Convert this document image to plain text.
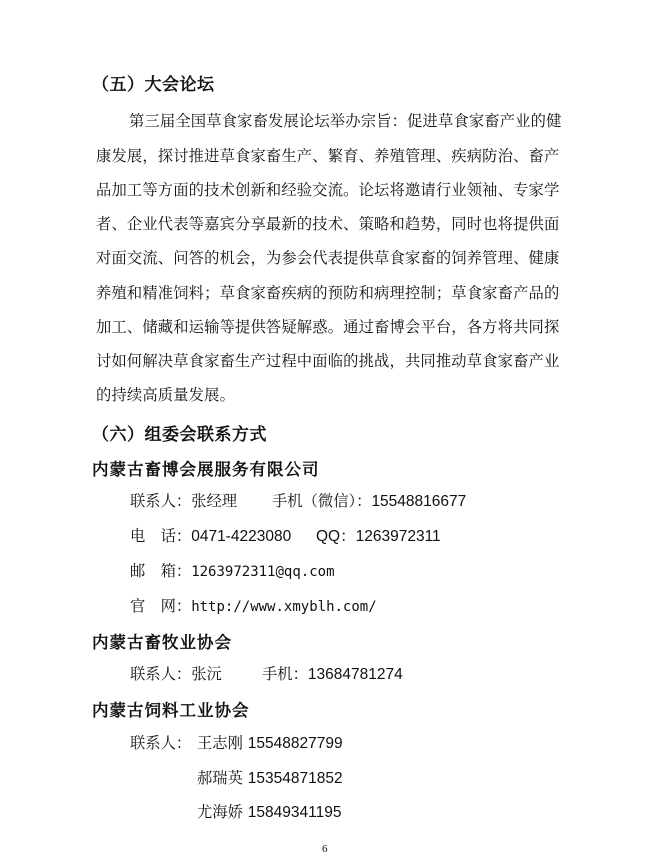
（五）大会论坛
第三届全国草食家畜发展论坛举办宗旨：促进草食家畜产业的健
康发展，探讨推进草食家畜生产、繁育、养殖管理、疾病防治、畜产
品加工等方面的技术创新和经验交流。论坛将邀请行业领袖、专家学
者、企业代表等嘉宾分享最新的技术、策略和趋势，同时也将提供面
对面交流、问答的机会，为参会代表提供草食家畜的饲养管理、健康
养殖和精准饲料；草食家畜疾病的预防和病理控制；草食家畜产品的
加工、储藏和运输等提供答疑解惑。通过畜博会平台，各方将共同探
讨如何解决草食家畜生产过程中面临的挑战，共同推动草食家畜产业
的持续高质量发展。
（六）组委会联系方式
内蒙古畜博会展服务有限公司
联系人：张经理 手机（微信）：15548816677
电　话：0471-4223080 QQ：1263972311
邮　箱：1263972311@qq.com
官　网：http://www.xmyblh.com/
内蒙古畜牧业协会
联系人：张沅	手机：13684781274
内蒙古饲料工业协会
联系人： 王志刚 15548827799
郝瑞英 15354871852
尤海娇 15849341195
6
